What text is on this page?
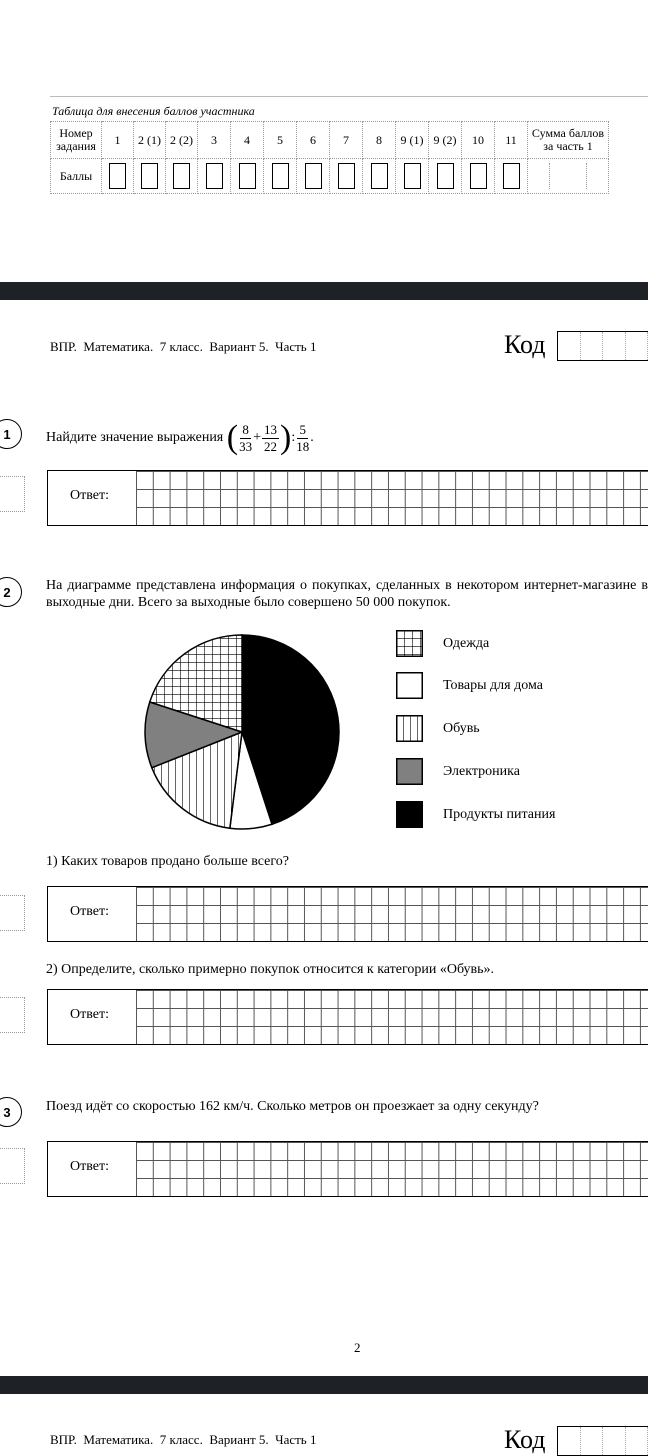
Таблица для внесения баллов участника
Номер задания	1	2 (1)	2 (2)	3	4	5	6	7	8	9 (1)	9 (2)	10	11	Сумма баллов за часть 1
Баллы														
ВПР.  Математика.  7 класс.  Вариант 5.  Часть 1	Код
1	Найдите значение выражения ( $\frac{8}{33} + \frac{13}{22}$ ): $\frac{5}{18}$ .
Ответ:
2	На диаграмме представлена информация о покупках, сделанных в некотором интернет-магазине в выходные дни. Всего за выходные было совершено 50 000 покупок.
Одежда
Товары для дома
Обувь
Электроника
Продукты питания
1) Каких товаров продано больше всего?
Ответ:
2) Определите, сколько примерно покупок относится к категории «Обувь».
Ответ:
3	Поезд идёт со скоростью 162 км/ч. Сколько метров он проезжает за одну секунду?
Ответ:
2
ВПР.  Математика.  7 класс.  Вариант 5.  Часть 1	Код
